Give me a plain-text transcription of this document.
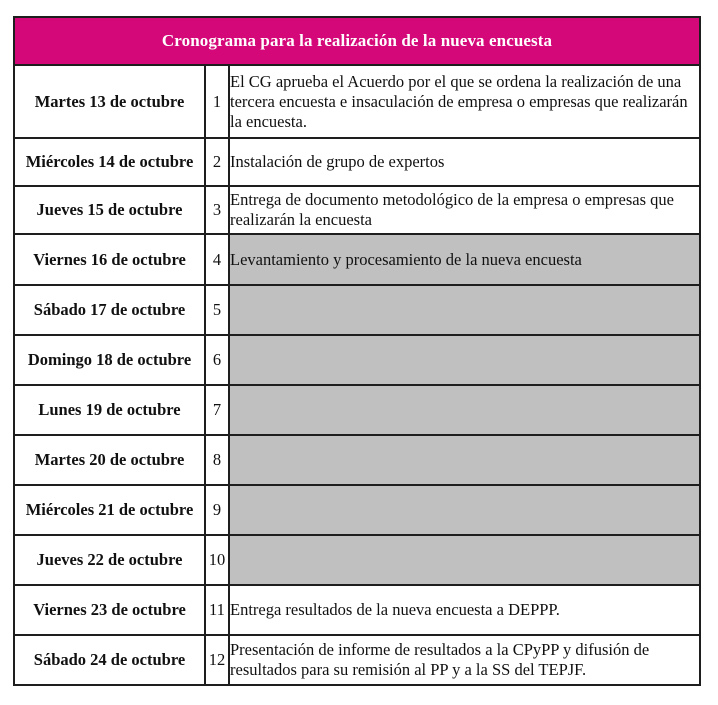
Cronograma para la realización de la nueva encuesta		
Martes 13 de octubre	1	El CG aprueba el Acuerdo por el que se ordena la realización de una tercera encuesta e insaculación de empresa o empresas que realizarán la encuesta.
Miércoles 14 de octubre	2	Instalación de grupo de expertos
Jueves 15 de octubre	3	Entrega de documento metodológico de la empresa o empresas que realizarán la encuesta
Viernes 16 de octubre	4	Levantamiento y procesamiento de la nueva encuesta
Sábado 17 de octubre	5	
Domingo 18 de octubre	6	
Lunes 19 de octubre	7	
Martes 20 de octubre	8	
Miércoles 21 de octubre	9	
Jueves 22 de octubre	10	
Viernes 23 de octubre	11	Entrega resultados de la nueva encuesta a DEPPP.
Sábado 24 de octubre	12	Presentación de informe de resultados a la CPyPP y difusión de resultados para su remisión al PP y a la SS del TEPJF.
